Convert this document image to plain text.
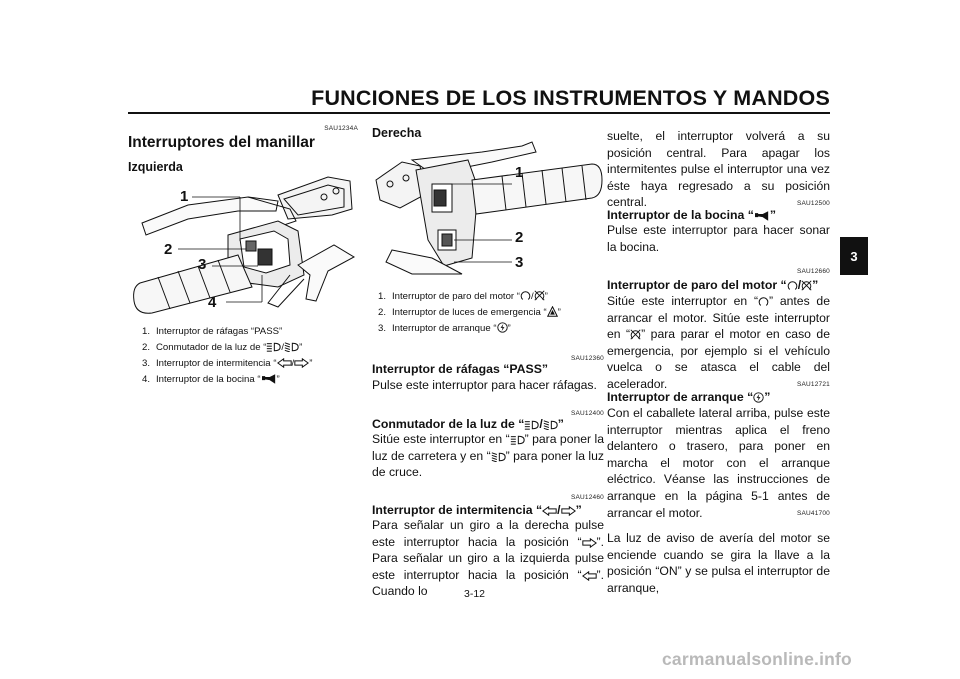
FUNCIONES DE LOS INSTRUMENTOS Y MANDOS
3
SAU1234A
Interruptores del manillar
Izquierda
1
2
3
4
1. Interruptor de ráfagas “PASS”
2. Conmutador de la luz de “ / ”
3. Interruptor de intermitencia “ / ”
4. Interruptor de la bocina “ ”
Derecha
1
2
3
1. Interruptor de paro del motor “ / ”
2. Interruptor de luces de emergencia “ ”
3. Interruptor de arranque “ ”
SAU12360
Interruptor de ráfagas “PASS”
Pulse este interruptor para hacer ráfagas.
SAU12400
Conmutador de la luz de “ / ”
Sitúe este interruptor en “ ” para poner la luz de carretera y en “ ” para poner la luz de cruce.
SAU12460
Interruptor de intermitencia “ / ”
Para señalar un giro a la derecha pulse este interruptor hacia la posición “ ”. Para señalar un giro a la izquierda pulse este interruptor hacia la posición “ ”. Cuando lo	3-12
suelte, el interruptor volverá a su posición central. Para apagar los intermitentes pulse el interruptor una vez éste haya regresado a su posición central.	SAU12500
Interruptor de la bocina “ ”
Pulse este interruptor para hacer sonar la bocina.
SAU12660
Interruptor de paro del motor “ / ”
Sitúe este interruptor en “ ” antes de arrancar el motor. Sitúe este interruptor en “ ” para parar el motor en caso de emergencia, por ejemplo si el vehículo vuelca o se atasca el cable del acelerador.	SAU12721
Interruptor de arranque “ ”
Con el caballete lateral arriba, pulse este interruptor mientras aplica el freno delantero o trasero, para poner en marcha el motor con el arranque eléctrico. Véanse las instrucciones de arranque en la página 5-1 antes de arrancar el motor.	SAU41700
La luz de aviso de avería del motor se enciende cuando se gira la llave a la posición “ON” y se pulsa el interruptor de arranque,
carmanualsonline.info
